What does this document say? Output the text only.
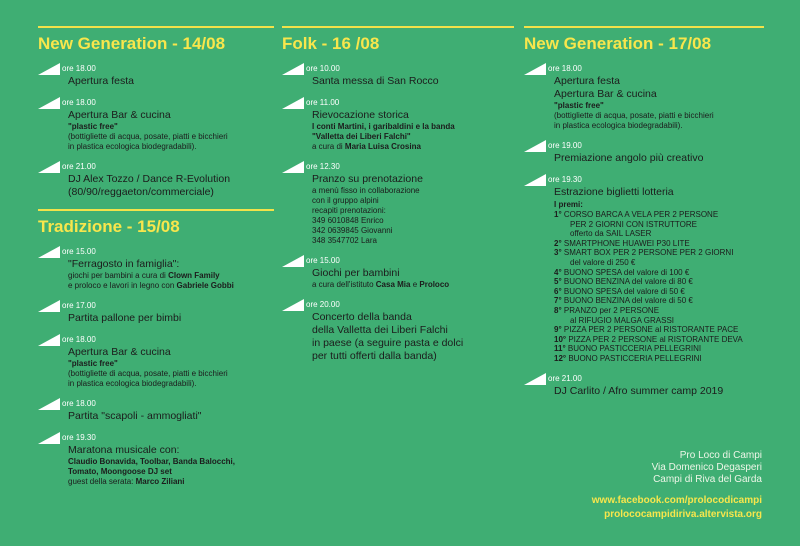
New Generation - 14/08
ore 18.00
Apertura festa
ore 18.00
Apertura Bar & cucina
"plastic free"
(bottigliette di acqua, posate, piatti e bicchieri
in plastica ecologica biodegradabili).
ore 21.00
DJ Alex Tozzo / Dance R-Evolution
(80/90/reggaeton/commerciale)
Tradizione - 15/08
ore 15.00
"Ferragosto in famiglia":
giochi per bambini a cura di Clown Family
e proloco e lavori in legno con Gabriele Gobbi
ore 17.00
Partita pallone per bimbi
ore 18.00
Apertura Bar & cucina
"plastic free"
(bottigliette di acqua, posate, piatti e bicchieri
in plastica ecologica biodegradabili).
ore 18.00
Partita "scapoli - ammogliati"
ore 19.30
Maratona musicale con:
Claudio Bonavida, Toolbar, Banda Balocchi,
Tomato, Moongoose DJ set
guest della serata: Marco Ziliani
Folk - 16 /08
ore 10.00
Santa messa di San Rocco
ore 11.00
Rievocazione storica
I conti Martini, i garibaldini e la banda
"Valletta dei Liberi Falchi"
a cura di Maria Luisa Crosina
ore 12.30
Pranzo su prenotazione
a menù fisso in collaborazione
con il gruppo alpini
recapiti prenotazioni:
349 6010848 Enrico
342 0639845 Giovanni
348 3547702 Lara
ore 15.00
Giochi per bambini
a cura dell'istituto Casa Mia e Proloco
ore 20.00
Concerto della banda
della Valletta dei Liberi Falchi
in paese (a seguire pasta e dolci
per tutti offerti dalla banda)
New Generation - 17/08
ore 18.00
Apertura festa
Apertura Bar & cucina
"plastic free"
(bottigliette di acqua, posate, piatti e bicchieri
in plastica ecologica biodegradabili).
ore 19.00
Premiazione angolo più creativo
ore 19.30
Estrazione biglietti lotteria
I premi:
1° CORSO BARCA A VELA PER 2 PERSONE
PER 2 GIORNI CON ISTRUTTORE
offerto da SAIL LASER
2° SMARTPHONE HUAWEI P30 LITE
3° SMART BOX PER 2 PERSONE PER 2 GIORNI
del valore di 250 €
4° BUONO SPESA del valore di 100 €
5° BUONO BENZINA del valore di 80 €
6° BUONO SPESA del valore di 50 €
7° BUONO BENZINA del valore di 50 €
8° PRANZO per 2 PERSONE
al RIFUGIO MALGA GRASSI
9° PIZZA PER 2 PERSONE al RISTORANTE PACE
10° PIZZA PER 2 PERSONE al RISTORANTE DEVA
11° BUONO PASTICCERIA PELLEGRINI
12° BUONO PASTICCERIA PELLEGRINI
ore 21.00
DJ Carlito / Afro summer camp 2019
Pro Loco di Campi
Via Domenico Degasperi
Campi di Riva del Garda
www.facebook.com/prolocodicampi
prolococampidiriva.altervista.org
